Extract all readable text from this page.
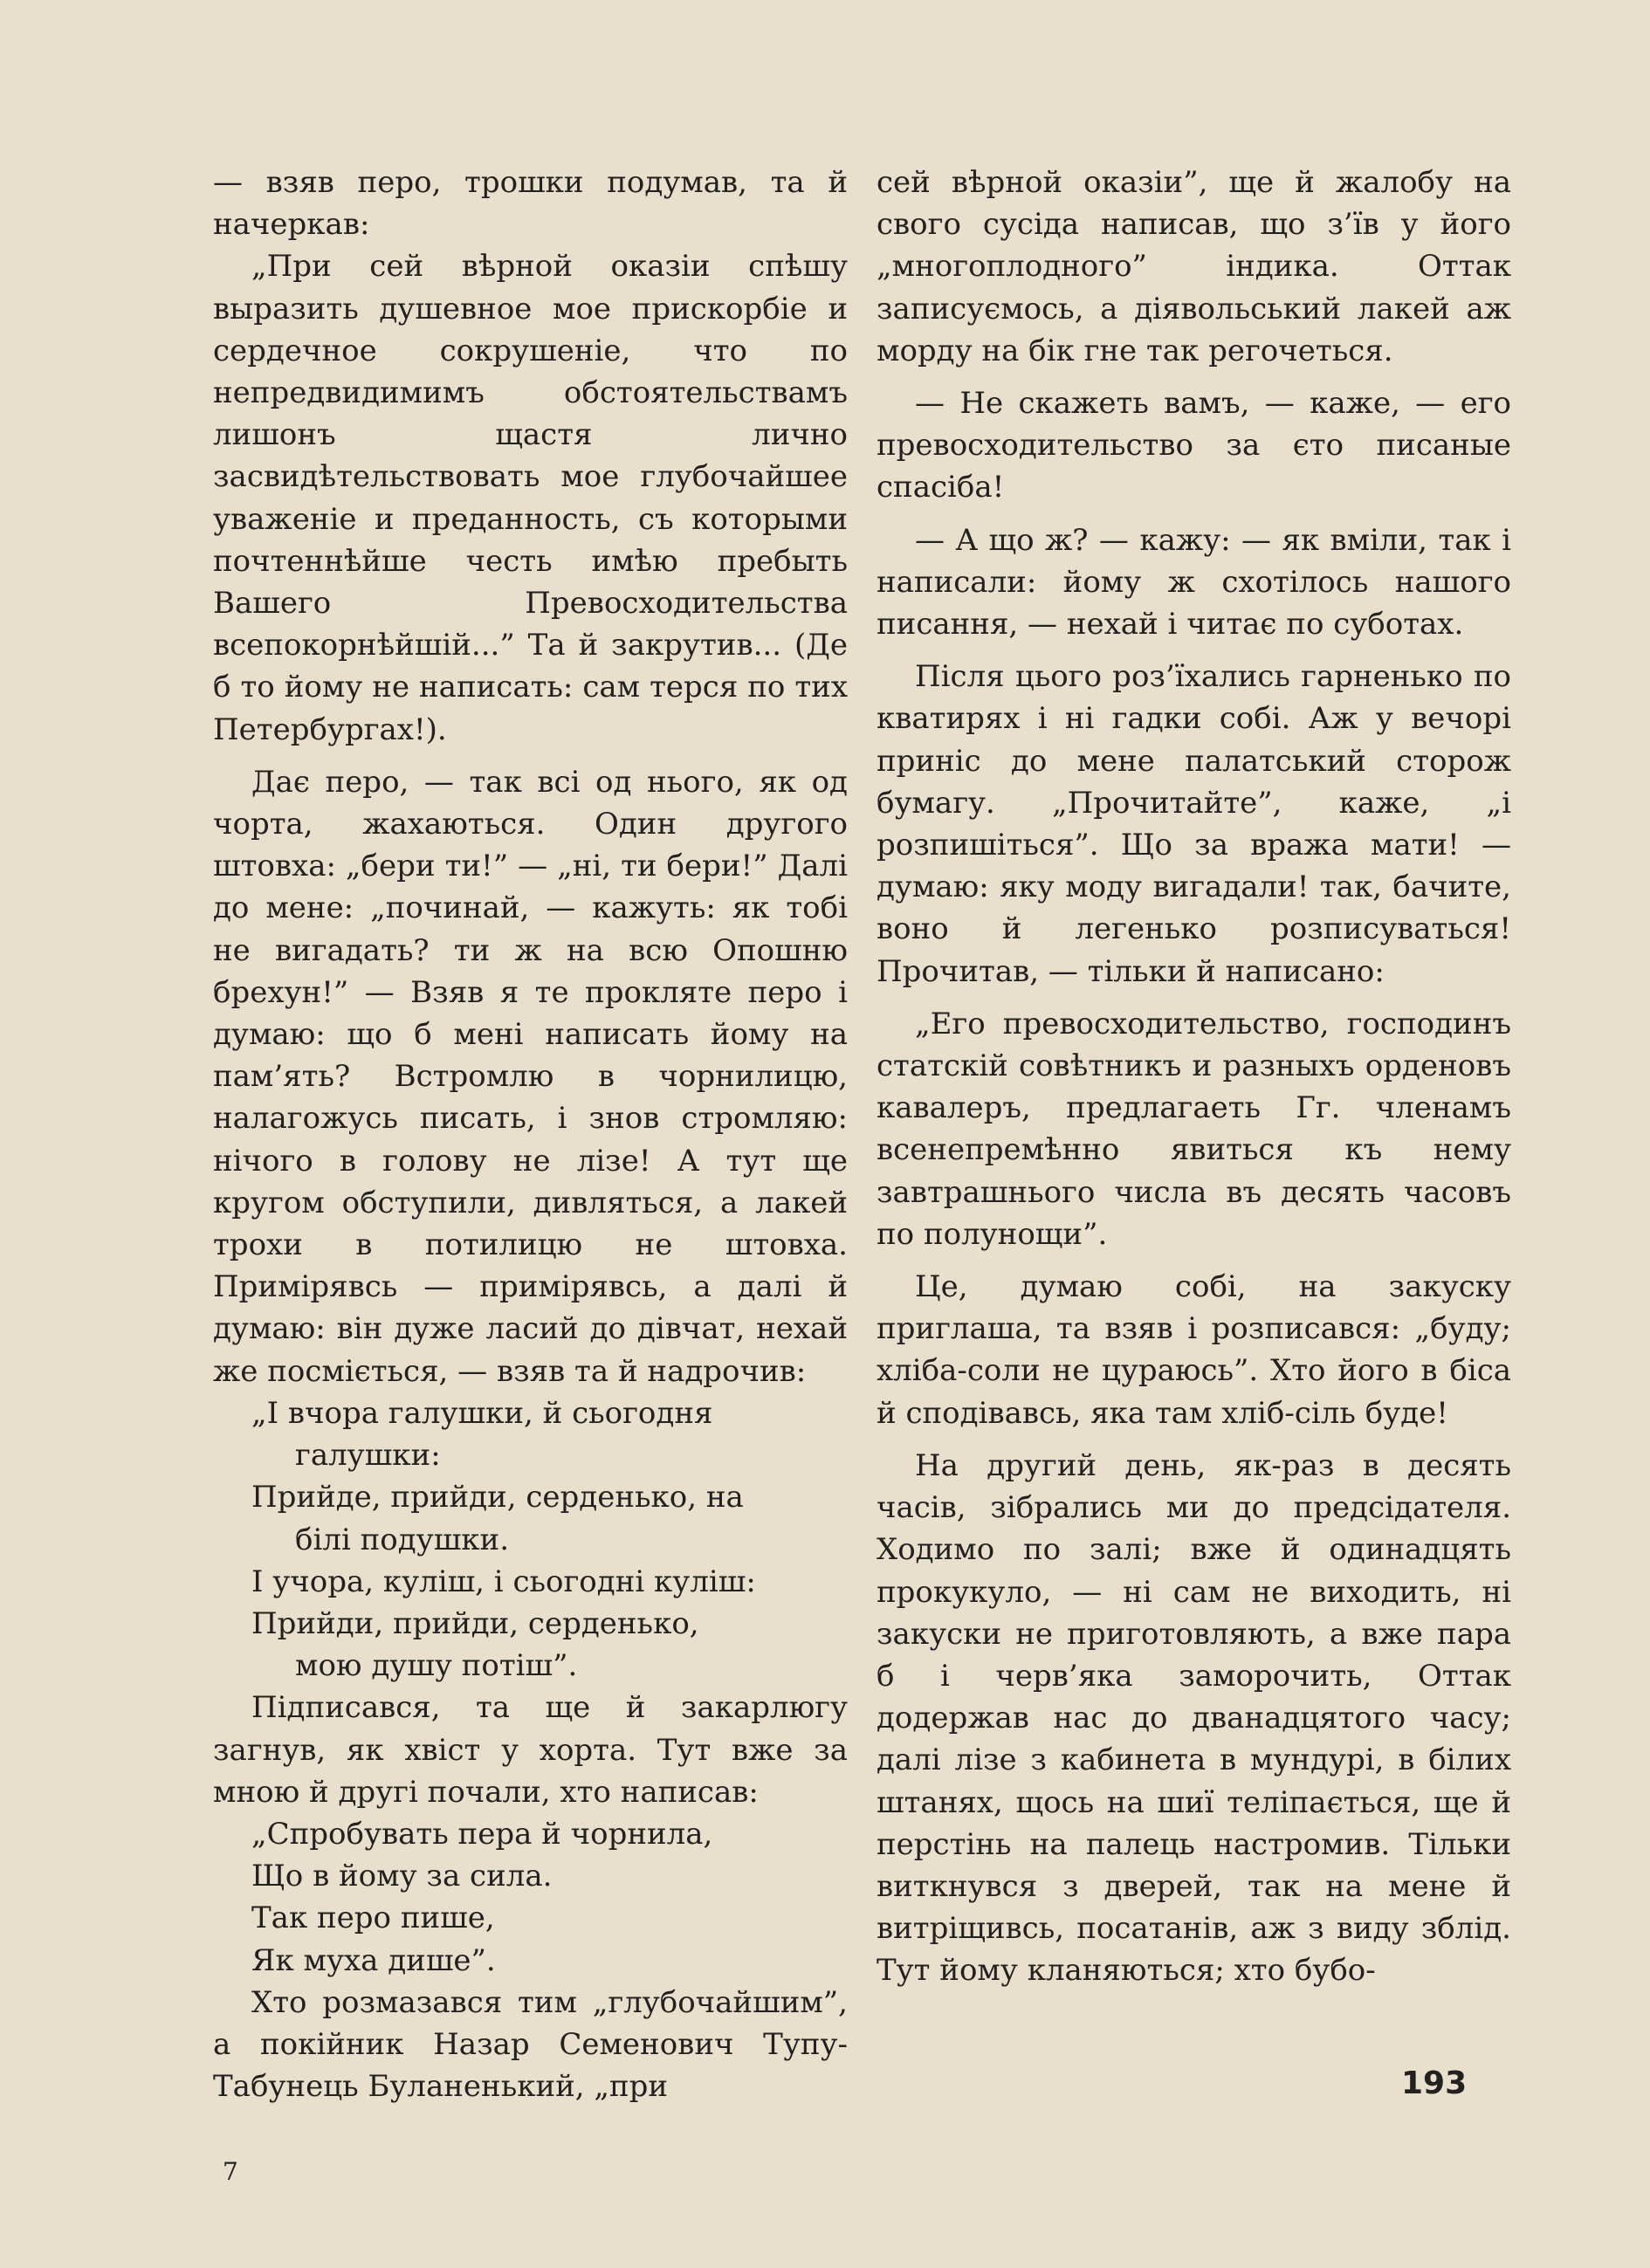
— взяв перо, трошки подумав, та й начеркав:

„При сей вѣрной оказіи спѣшу выразить душевное мое прискорбіе и сердечное сокрушеніе, что по непредвидимимъ обстоятельствамъ лишонъ щастя лично засвидѣтельствовать мое глубочайшее уваженіе и преданность, съ которыми почтеннѣйше честь имѣю пребыть Вашего Превосходительства всепокорнѣйшій...” Та й закрутив... (Де б то йому не написать: сам терся по тих Петербургах!).

Дає перо, — так всі од нього, як од чорта, жахаються. Один другого штовха: „бери ти!” — „ні, ти бери!” Далі до мене: „починай, — кажуть: як тобі не вигадать? ти ж на всю Опошню брехун!” — Взяв я те прокляте перо і думаю: що б мені написать йому на пам’ять? Встромлю в чорнилицю, налагожусь писать, і знов стромляю: нічого в голову не лізе! А тут ще кругом обступили, дивляться, а лакей трохи в потилицю не штовха. Примірявсь — примірявсь, а далі й думаю: він дуже ласий до дівчат, нехай же посміється, — взяв та й надрочив:

„І вчора галушки, й сьогодня
галушки:
Прийде, прийди, серденько, на
білі подушки.
І учора, куліш, і сьогодні куліш:
Прийди, прийди, серденько,
мою душу потіш”.

Підписався, та ще й закарлюгу загнув, як хвіст у хорта. Тут вже за мною й другі почали, хто написав:

„Спробувать пера й чорнила,
Що в йому за сила.
Так перо пише,
Як муха дише”.

Хто розмазався тим „глубочайшим”, а покійник Назар Семенович Тупу-Табунець Буланенький, „при

сей вѣрной оказіи”, ще й жалобу на свого сусіда написав, що з’їв у його „многоплодного” індика. Оттак записуємось, а діявольський лакей аж морду на бік гне так регочеться.

— Не скажеть вамъ, — каже, — его превосходительство за єто писаные спасіба!

— А що ж? — кажу: — як вміли, так і написали: йому ж схотілось нашого писання, — нехай і читає по суботах.

Після цього роз’їхались гарненько по кватирях і ні гадки собі. Аж у вечорі приніс до мене палатський сторож бумагу. „Прочитайте”, каже, „і розпишіться”. Що за вража мати! — думаю: яку моду вигадали! так, бачите, воно й легенько розписуваться! Прочитав, — тільки й написано:

„Его превосходительство, господинъ статскій совѣтникъ и разныхъ орденовъ кавалеръ, предлагаеть Гг. членамъ всенепремѣнно явиться къ нему завтрашнього числа въ десять часовъ по полунощи”.

Це, думаю собі, на закуску приглаша, та взяв і розписався: „буду; хліба-соли не цураюсь”. Хто його в біса й сподівавсь, яка там хліб-сіль буде!

На другий день, як-раз в десять часів, зібрались ми до предсідателя. Ходимо по залі; вже й одинадцять прокукуло, — ні сам не виходить, ні закуски не приготовляють, а вже пара б і черв’яка заморочить, Оттак додержав нас до дванадцятого часу; далі лізе з кабинета в мундурі, в білих штанях, щось на шиї теліпається, ще й перстінь на палець настромив. Тільки виткнувся з дверей, так на мене й витріщивсь, посатанів, аж з виду зблід. Тут йому кланяються; хто бубо-

193
7
